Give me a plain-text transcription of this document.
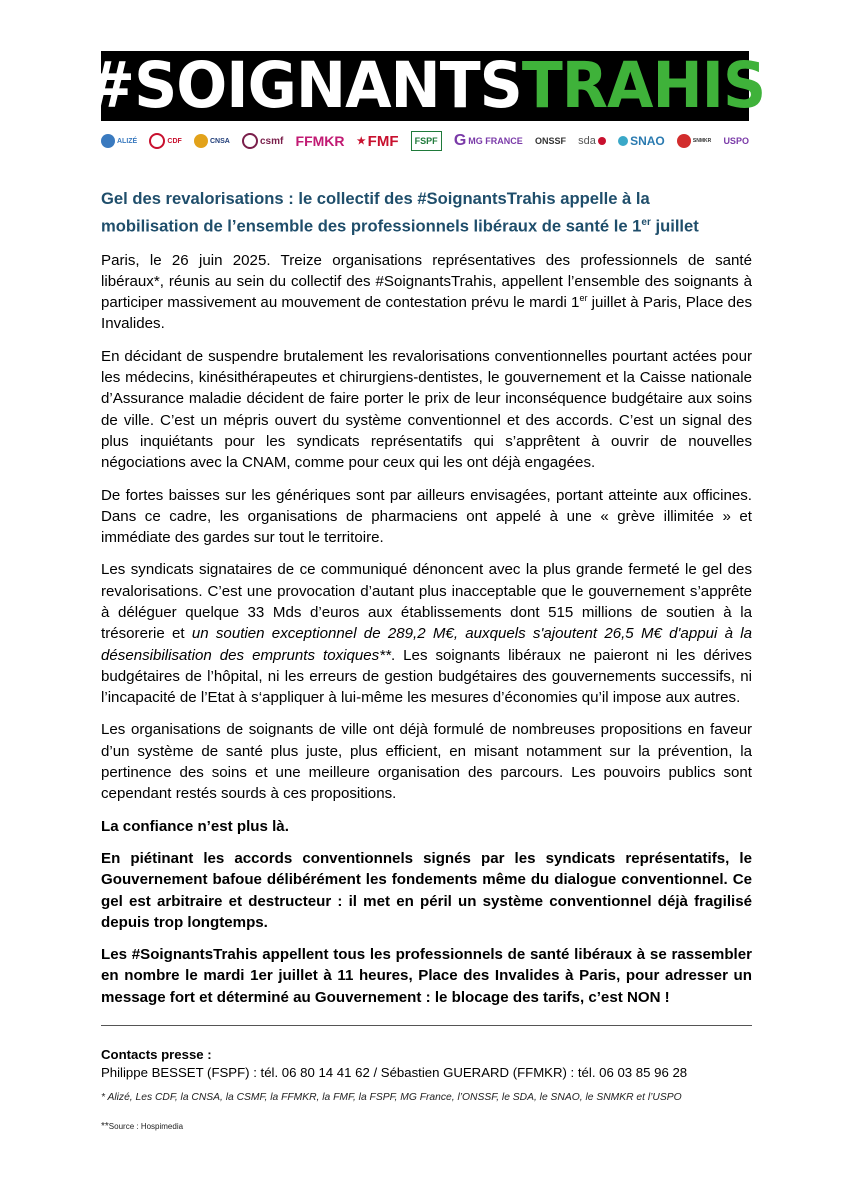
#SOIGNANTSTRAHIS
ALIZÉ	CDF	CNSA	csmf FFMKR ★ FMF	FSPF G MG FRANCE ONSSF sda	SNAO	SNMKR USPO
Gel des revalorisations : le collectif des #SoignantsTrahis appelle à la mobilisation de l’ensemble des professionnels libéraux de santé le 1er juillet

Paris, le 26 juin 2025. Treize organisations représentatives des professionnels de santé libéraux*, réunis au sein du collectif des #SoignantsTrahis, appellent l’ensemble des soignants à participer massivement au mouvement de contestation prévu le mardi 1er juillet à Paris, Place des Invalides.

En décidant de suspendre brutalement les revalorisations conventionnelles pourtant actées pour les médecins, kinésithérapeutes et chirurgiens-dentistes, le gouvernement et la Caisse nationale d’Assurance maladie décident de faire porter le prix de leur inconséquence budgétaire aux soins de ville. C’est un mépris ouvert du système conventionnel et des accords. C’est un signal des plus inquiétants pour les syndicats représentatifs qui s’apprêtent à ouvrir de nouvelles négociations avec la CNAM, comme pour ceux qui les ont déjà engagées.

De fortes baisses sur les génériques sont par ailleurs envisagées, portant atteinte aux officines. Dans ce cadre, les organisations de pharmaciens ont appelé à une « grève illimitée » et immédiate des gardes sur tout le territoire.

Les syndicats signataires de ce communiqué dénoncent avec la plus grande fermeté le gel des revalorisations. C’est une provocation d’autant plus inacceptable que le gouvernement s’apprête à déléguer quelque 33 Mds d’euros aux établissements dont 515 millions de soutien à la trésorerie et un soutien exceptionnel de 289,2 M€, auxquels s'ajoutent 26,5 M€ d'appui à la désensibilisation des emprunts toxiques**. Les soignants libéraux ne paieront ni les dérives budgétaires de l’hôpital, ni les erreurs de gestion budgétaires des gouvernements successifs, ni l’incapacité de l’Etat à s‘appliquer à lui-même les mesures d’économies qu’il impose aux autres.

Les organisations de soignants de ville ont déjà formulé de nombreuses propositions en faveur d’un système de santé plus juste, plus efficient, en misant notamment sur la prévention, la pertinence des soins et une meilleure organisation des parcours. Les pouvoirs publics sont cependant restés sourds à ces propositions.

La confiance n’est plus là.

En piétinant les accords conventionnels signés par les syndicats représentatifs, le Gouvernement bafoue délibérément les fondements même du dialogue conventionnel. Ce gel est arbitraire et destructeur : il met en péril un système conventionnel déjà fragilisé depuis trop longtemps.

Les #SoignantsTrahis appellent tous les professionnels de santé libéraux à se rassembler en nombre le mardi 1er juillet à 11 heures, Place des Invalides à Paris, pour adresser un message fort et déterminé au Gouvernement : le blocage des tarifs, c’est NON !

Contacts presse :
Philippe BESSET (FSPF) : tél. 06 80 14 41 62 / Sébastien GUERARD (FFMKR) : tél. 06 03 85 96 28
* Alizé, Les CDF, la CNSA, la CSMF, la FFMKR, la FMF, la FSPF, MG France, l’ONSSF, le SDA, le SNAO, le SNMKR et l’USPO
**Source : Hospimedia
